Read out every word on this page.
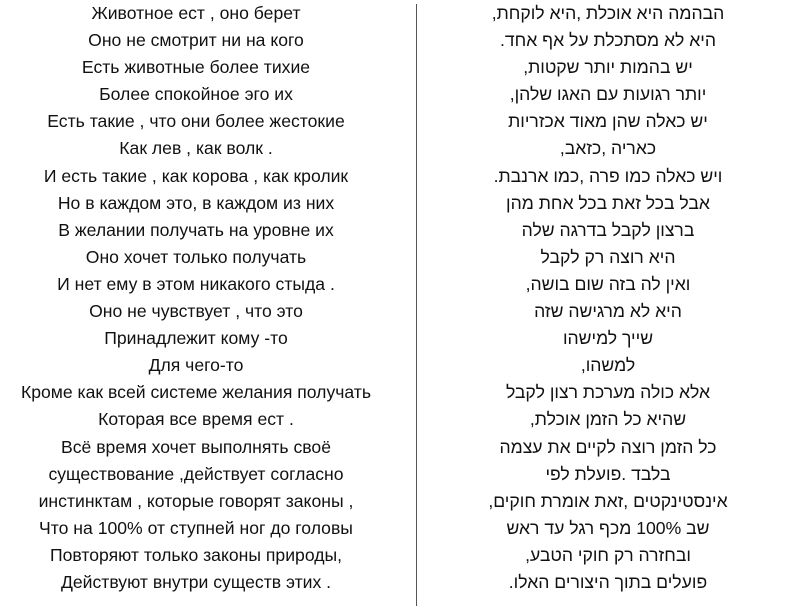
Животное ест , оно берет
Оно не смотрит ни на кого
Есть животные более тихие
Более спокойное эго их
Есть такие , что они более жестокие
Как лев , как волк .
И есть такие , как корова , как кролик
Но в каждом это, в каждом из них
В желании получать на уровне их
Оно хочет только получать
И нет ему в этом никакого стыда .
Оно не чувствует , что это
Принадлежит кому -то
Для чего-то
Кроме как всей системе желания получать
Которая все время ест .
Всё время хочет выполнять своё
существование ,действует согласно
инстинктам , которые говорят законы ,
Что на 100% от ступней ног до головы
Повторяют только законы природы,
Действуют внутри существ этих .
הבהמה היא אוכלת ,היא לוקחת,
היא לא מסתכלת על אף אחד.
יש בהמות יותר שקטות,
יותר רגועות עם האגו שלהן,
יש כאלה שהן מאוד אכזריות
כאריה ,כזאב,
ויש כאלה כמו פרה ,כמו ארנבת.
אבל בכל זאת בכל אחת מהן
ברצון לקבל בדרגה שלה
היא רוצה רק לקבל
ואין לה בזה שום בושה,
היא לא מרגישה שזה
שייך למישהו
למשהו,
אלא כולה מערכת רצון לקבל
שהיא כל הזמן אוכלת,
כל הזמן רוצה לקיים את עצמה
בלבד .פועלת לפי
אינסטינקטים ,זאת אומרת חוקים,
שב 100% מכף רגל עד ראש
ובחזרה רק חוקי הטבע,
פועלים בתוך היצורים האלו.
